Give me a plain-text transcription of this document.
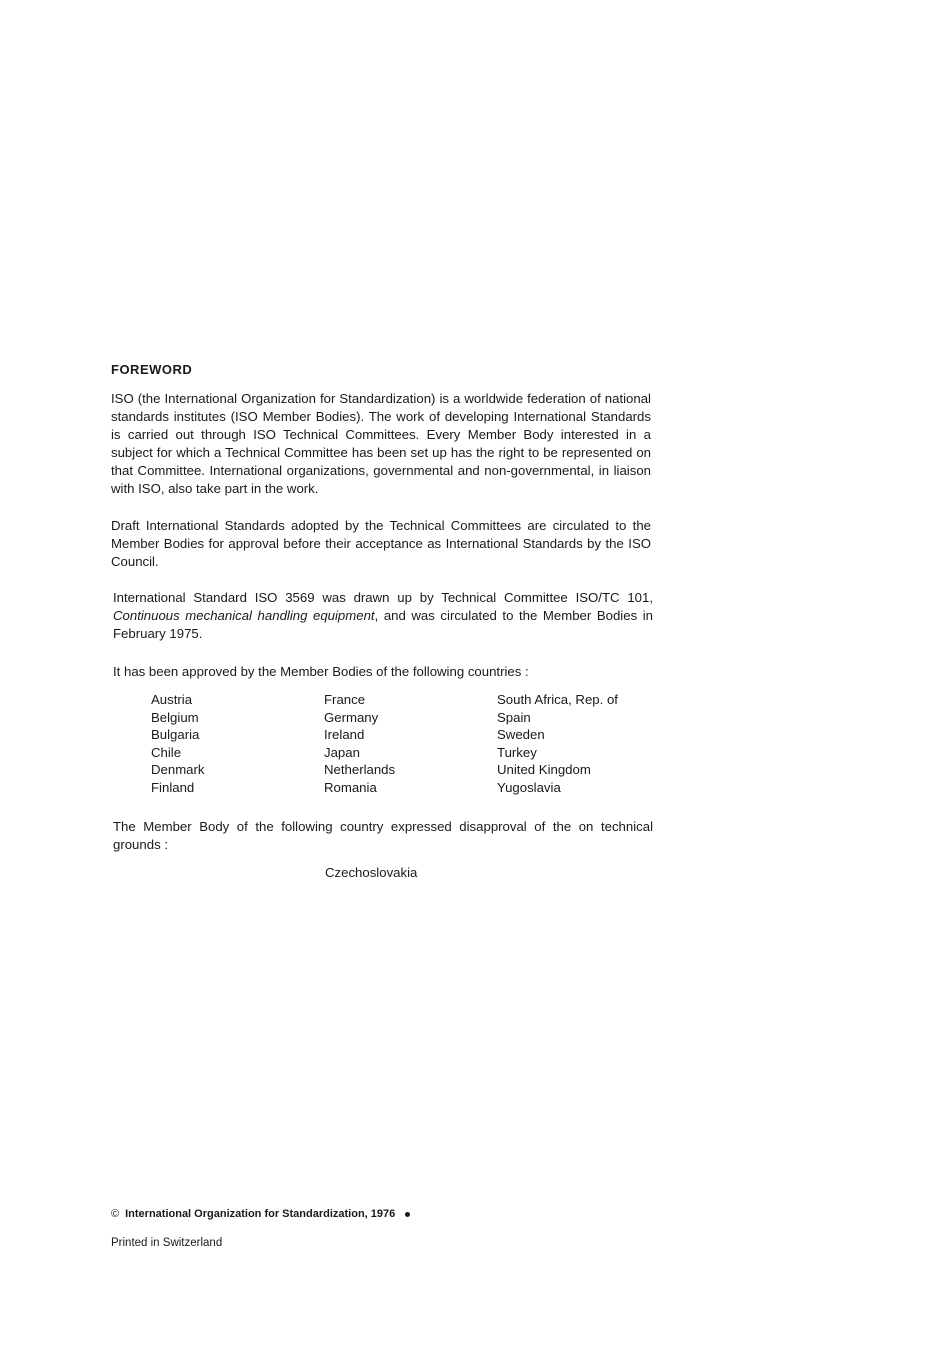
FOREWORD
ISO (the International Organization for Standardization) is a worldwide federation of national standards institutes (ISO Member Bodies). The work of developing International Standards is carried out through ISO Technical Committees. Every Member Body interested in a subject for which a Technical Committee has been set up has the right to be represented on that Committee. International organizations, governmental and non-governmental, in liaison with ISO, also take part in the work.
Draft International Standards adopted by the Technical Committees are circulated to the Member Bodies for approval before their acceptance as International Standards by the ISO Council.
International Standard ISO 3569 was drawn up by Technical Committee ISO/TC 101, Continuous mechanical handling equipment, and was circulated to the Member Bodies in February 1975.
It has been approved by the Member Bodies of the following countries :
Austria
Belgium
Bulgaria
Chile
Denmark
Finland
France
Germany
Ireland
Japan
Netherlands
Romania
South Africa, Rep. of
Spain
Sweden
Turkey
United Kingdom
Yugoslavia
The Member Body of the following country expressed disapproval of the on technical grounds :
Czechoslovakia
© International Organization for Standardization, 1976
Printed in Switzerland
